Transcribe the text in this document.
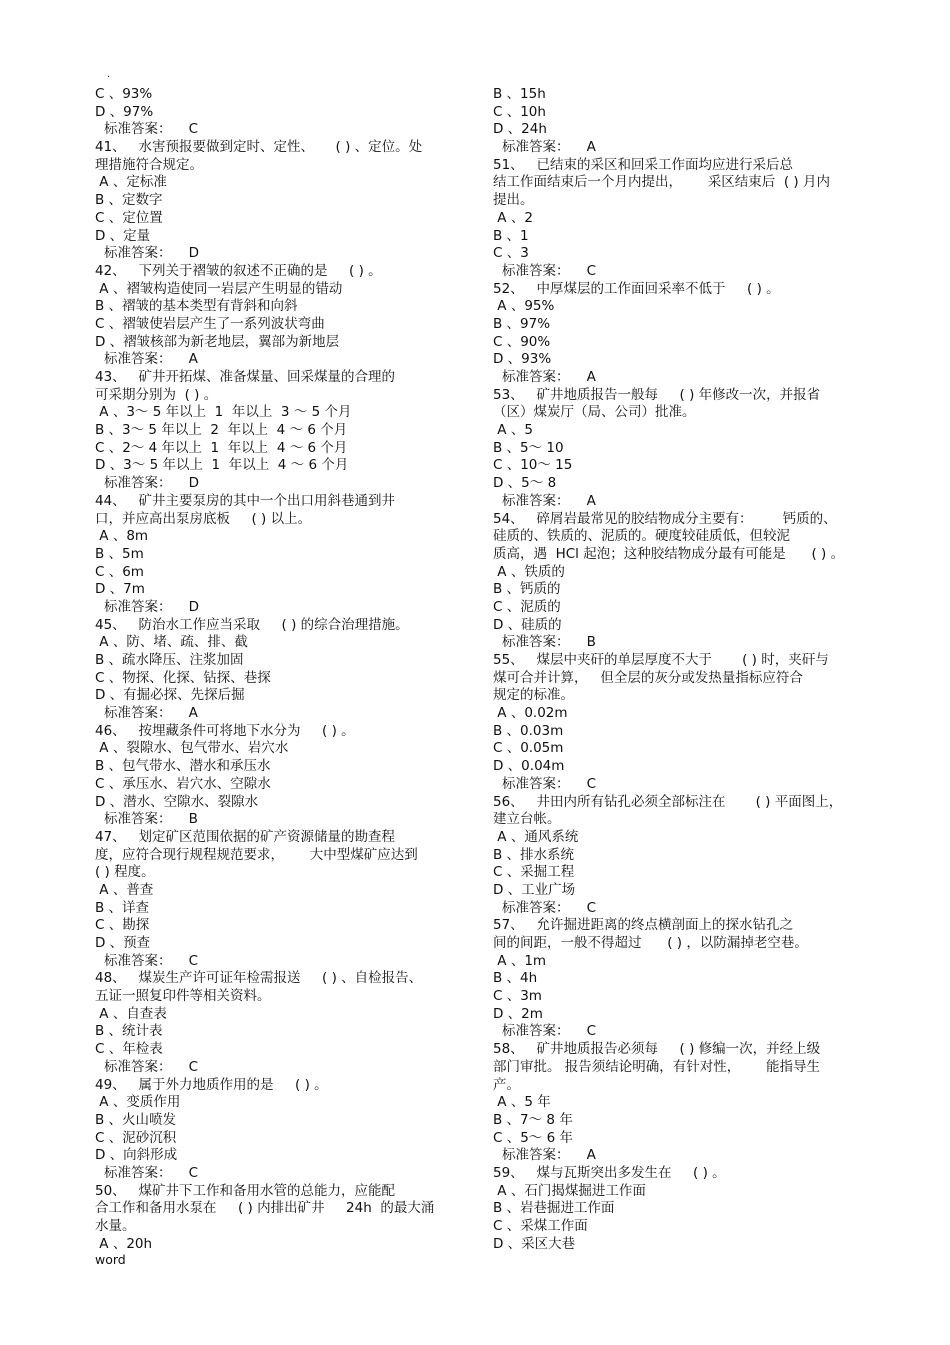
.
C 、93%
D 、97%
标准答案：    C
41、   水害预报要做到定时、定性、     ( ) 、定位。处
理措施符合规定。
A 、定标准
B 、定数字
C 、定位置
D 、定量
标准答案：    D
42、   下列关于褶皱的叙述不正确的是     ( ) 。
A 、褶皱构造使同一岩层产生明显的错动
B 、褶皱的基本类型有背斜和向斜
C 、褶皱使岩层产生了一系列波状弯曲
D 、褶皱核部为新老地层，翼部为新地层
标准答案：    A
43、   矿井开拓煤、准备煤量、回采煤量的合理的
可采期分别为  ( ) 。
A 、3～ 5 年以上  1  年以上  3 ～ 5 个月
B 、3～ 5 年以上  2  年以上  4 ～ 6 个月
C 、2～ 4 年以上  1  年以上  4 ～ 6 个月
D 、3～ 5 年以上  1  年以上  4 ～ 6 个月
标准答案：    D
44、   矿井主要泵房的其中一个出口用斜巷通到井
口，并应高出泵房底板     ( ) 以上。
A 、8m
B 、5m
C 、6m
D 、7m
标准答案：    D
45、   防治水工作应当采取     ( ) 的综合治理措施。
A 、防、堵、疏、排、截
B 、疏水降压、注浆加固
C 、物探、化探、钻探、巷探
D 、有掘必探、先探后掘
标准答案：    A
46、   按埋藏条件可将地下水分为     ( ) 。
A 、裂隙水、包气带水、岩穴水
B 、包气带水、潜水和承压水
C 、承压水、岩穴水、空隙水
D 、潜水、空隙水、裂隙水
标准答案：    B
47、   划定矿区范围依据的矿产资源储量的勘查程
度，应符合现行规程规范要求，      大中型煤矿应达到
( ) 程度。
A 、普查
B 、详查
C 、勘探
D 、预查
标准答案：    C
48、   煤炭生产许可证年检需报送     ( ) 、自检报告、
五证一照复印件等相关资料。
A 、自查表
B 、统计表
C 、年检表
标准答案：    C
49、   属于外力地质作用的是     ( ) 。
A 、变质作用
B 、火山喷发
C 、泥砂沉积
D 、向斜形成
标准答案：    C
50、   煤矿井下工作和备用水管的总能力，应能配
合工作和备用水泵在     ( ) 内排出矿井     24h  的最大涌
水量。
A 、20h
B 、15h
C 、10h
D 、24h
标准答案：    A
51、   已结束的采区和回采工作面均应进行采后总
结工作面结束后一个月内提出，      采区结束后  ( ) 月内
提出。
A 、2
B 、1
C 、3
标准答案：    C
52、   中厚煤层的工作面回采率不低于     ( ) 。
A 、95%
B 、97%
C 、90%
D 、93%
标准答案：    A
53、   矿井地质报告一般每     ( ) 年修改一次，并报省
（区）煤炭厅（局、公司）批准。
A 、5
B 、5～ 10
C 、10～ 15
D 、5～ 8
标准答案：    A
54、   碎屑岩最常见的胶结物成分主要有：       钙质的、
硅质的、铁质的、泥质的。硬度较硅质低，但较泥
质高，遇  HCl 起泡；这种胶结物成分最有可能是      ( ) 。
A 、铁质的
B 、钙质的
C 、泥质的
D 、硅质的
标准答案：    B
55、   煤层中夹矸的单层厚度不大于       ( ) 时，夹矸与
煤可合并计算，   但全层的灰分或发热量指标应符合
规定的标准。
A 、0.02m
B 、0.03m
C 、0.05m
D 、0.04m
标准答案：    C
56、   井田内所有钻孔必须全部标注在       ( ) 平面图上，
建立台帐。
A 、通风系统
B 、排水系统
C 、采掘工程
D 、工业广场
标准答案：    C
57、   允许掘进距离的终点横剖面上的探水钻孔之
间的间距，一般不得超过      ( ) ，以防漏掉老空巷。
A 、1m
B 、4h
C 、3m
D 、2m
标准答案：    C
58、   矿井地质报告必须每     ( ) 修编一次，并经上级
部门审批。 报告须结论明确，有针对性，      能指导生
产。
A 、5 年
B 、7～ 8 年
C 、5～ 6 年
标准答案：    A
59、   煤与瓦斯突出多发生在     ( ) 。
A 、石门揭煤掘进工作面
B 、岩巷掘进工作面
C 、采煤工作面
D 、采区大巷
word
